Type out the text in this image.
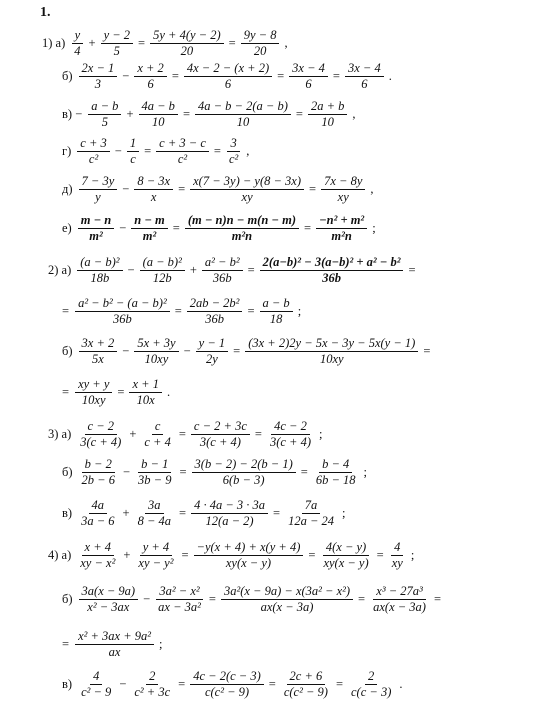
1.
1) $а) \frac{y}{4} + \frac{y - 2}{5} = \frac{5y + 4(y - 2)}{20} = \frac{9y - 8}{20}$ ,
$б) \frac{2x - 1}{3} - \frac{x + 2}{6} = \frac{4x - 2 - (x + 2)}{6} = \frac{3x - 4}{6} = \frac{3x - 4}{6}$ .
$в) - \frac{a - b}{5} + \frac{4a - b}{10} = \frac{4a - b - 2(a - b)}{10} = \frac{2a + b}{10}$ ,
$г) \frac{c + 3}{\text{c²}} - \frac{1}{c} = \frac{c + 3 - c}{\text{c²}} = \frac{3}{\text{c²}}$ ,
$д) \frac{7 - 3y}{y} - \frac{8 - 3x}{x} = \frac{x(7 - 3y) - y(8 - 3x)}{xy} = \frac{7x - 8y}{xy}$ ,
$е) \frac{m - n}{\text{m²}} - \frac{n - m}{\text{m²}} = \frac{(m - n)n - m(n - m)}{\text{m²n}} = \frac{\text{−n² + m²}}{\text{m²n}}$ ;
2) $а) \frac{\text{(a − b)²}}{18b} - \frac{\text{(a − b)²}}{12b} + \frac{\text{a² − b²}}{36b} = \frac{\text{2(a−b)² − 3(a−b)² + a² − b²}}{36b}$ =
= $\frac{\text{a² − b² − (a − b)²}}{36b} = \frac{\text{2ab − 2b²}}{36b} = \frac{a - b}{18}$ ;
$б) \frac{3x + 2}{5x} - \frac{5x + 3y}{10xy} - \frac{y - 1}{2y} = \frac{(3x + 2)2y - 5x - 3y - 5x(y - 1)}{10xy}$ =
= $\frac{xy + y}{10xy} = \frac{x + 1}{10x}$ .
3) $а) \frac{c - 2}{3(c + 4)} + \frac{c}{c + 4} = \frac{c - 2 + 3c}{3(c + 4)} = \frac{4c - 2}{3(c + 4)}$ ;
$б) \frac{b - 2}{2b - 6} - \frac{b - 1}{3b - 9} = \frac{3(b - 2) - 2(b - 1)}{6(b - 3)} = \frac{b - 4}{6b - 18}$ ;
$в) \frac{4a}{3a - 6} + \frac{3a}{8 - 4a} = \frac{4 \cdot 4a - 3 \cdot 3a}{12(a - 2)} = \frac{7a}{12a - 24}$ ;
4) $а) \frac{x + 4}{\text{xy − x²}} + \frac{y + 4}{\text{xy − y²}} = \frac{-y(x + 4) + x(y + 4)}{xy(x - y)} = \frac{4(x - y)}{xy(x - y)} = \frac{4}{xy}$ ;
$б) \frac{3a(x - 9a)}{\text{x² − 3ax}} - \frac{\text{3a² − x²}}{\text{ax − 3a²}} = \frac{\text{3a²(x − 9a) − x(3a² − x²)}}{ax(x - 3a)} = \frac{\text{x³ − 27a³}}{ax(x - 3a)}$ =
= $\frac{\text{x² + 3ax + 9a²}}{ax}$ ;
$в) \frac{4}{\text{c² − 9}} - \frac{2}{\text{c² + 3c}} = \frac{4c - 2(c - 3)}{\text{c(c² − 9)}} = \frac{2c + 6}{\text{c(c² − 9)}} = \frac{2}{c(c - 3)}$ .
